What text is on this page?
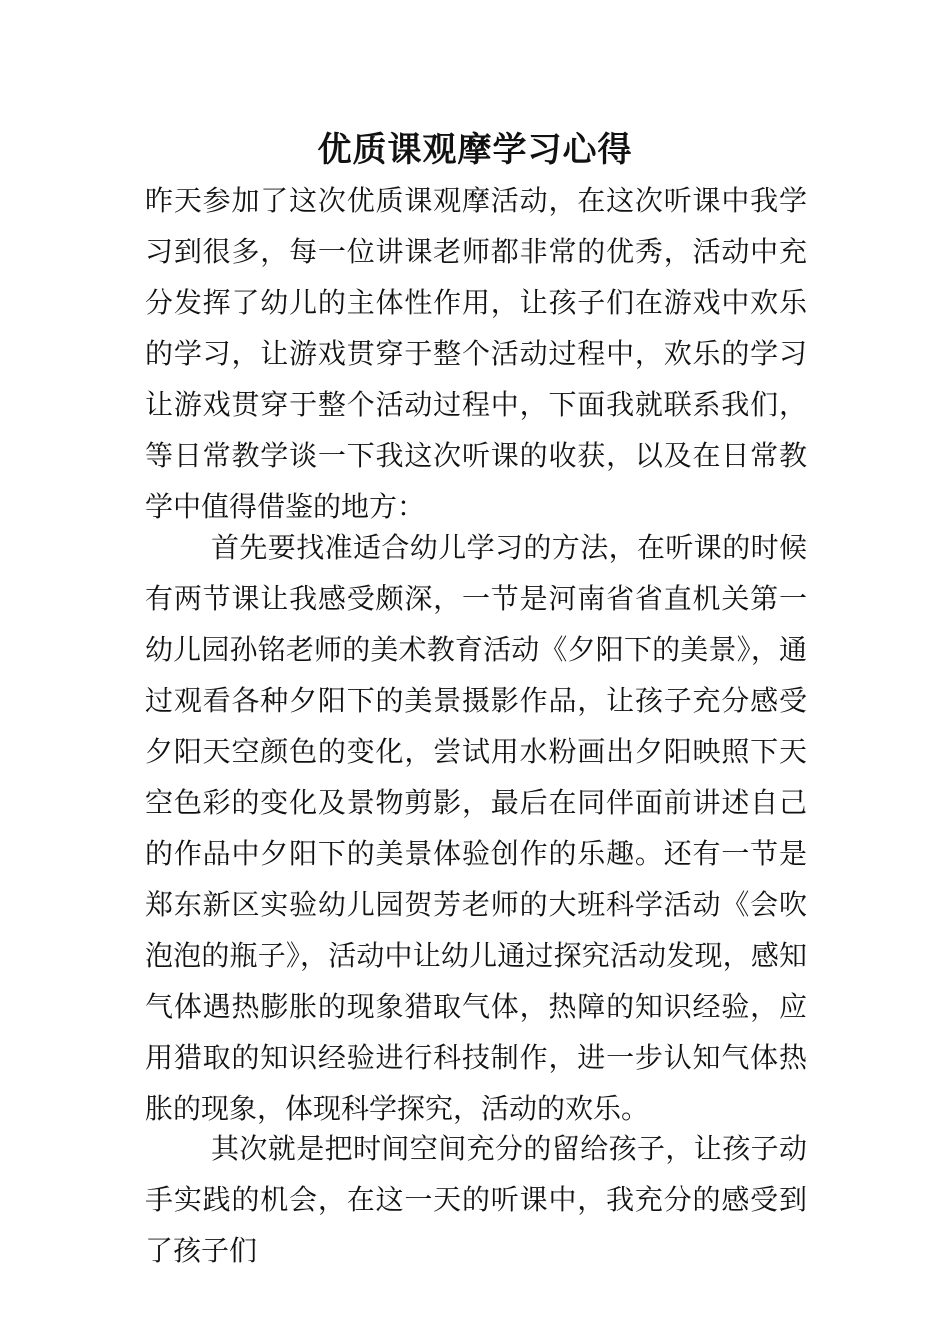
优质课观摩学习心得

昨天参加了这次优质课观摩活动，在这次听课中我学习到很多，每一位讲课老师都非常的优秀，活动中充分发挥了幼儿的主体性作用，让孩子们在游戏中欢乐的学习，让游戏贯穿于整个活动过程中，欢乐的学习让游戏贯穿于整个活动过程中，下面我就联系我们，等日常教学谈一下我这次听课的收获，以及在日常教学中值得借鉴的地方：

首先要找准适合幼儿学习的方法，在听课的时候有两节课让我感受颇深，一节是河南省省直机关第一幼儿园孙铭老师的美术教育活动《夕阳下的美景》，通过观看各种夕阳下的美景摄影作品，让孩子充分感受夕阳天空颜色的变化，尝试用水粉画出夕阳映照下天空色彩的变化及景物剪影，最后在同伴面前讲述自己的作品中夕阳下的美景体验创作的乐趣。还有一节是郑东新区实验幼儿园贺芳老师的大班科学活动《会吹泡泡的瓶子》，活动中让幼儿通过探究活动发现，感知气体遇热膨胀的现象猎取气体，热障的知识经验，应用猎取的知识经验进行科技制作，进一步认知气体热胀的现象，体现科学探究，活动的欢乐。

其次就是把时间空间充分的留给孩子，让孩子动手实践的机会，在这一天的听课中，我充分的感受到了孩子们
